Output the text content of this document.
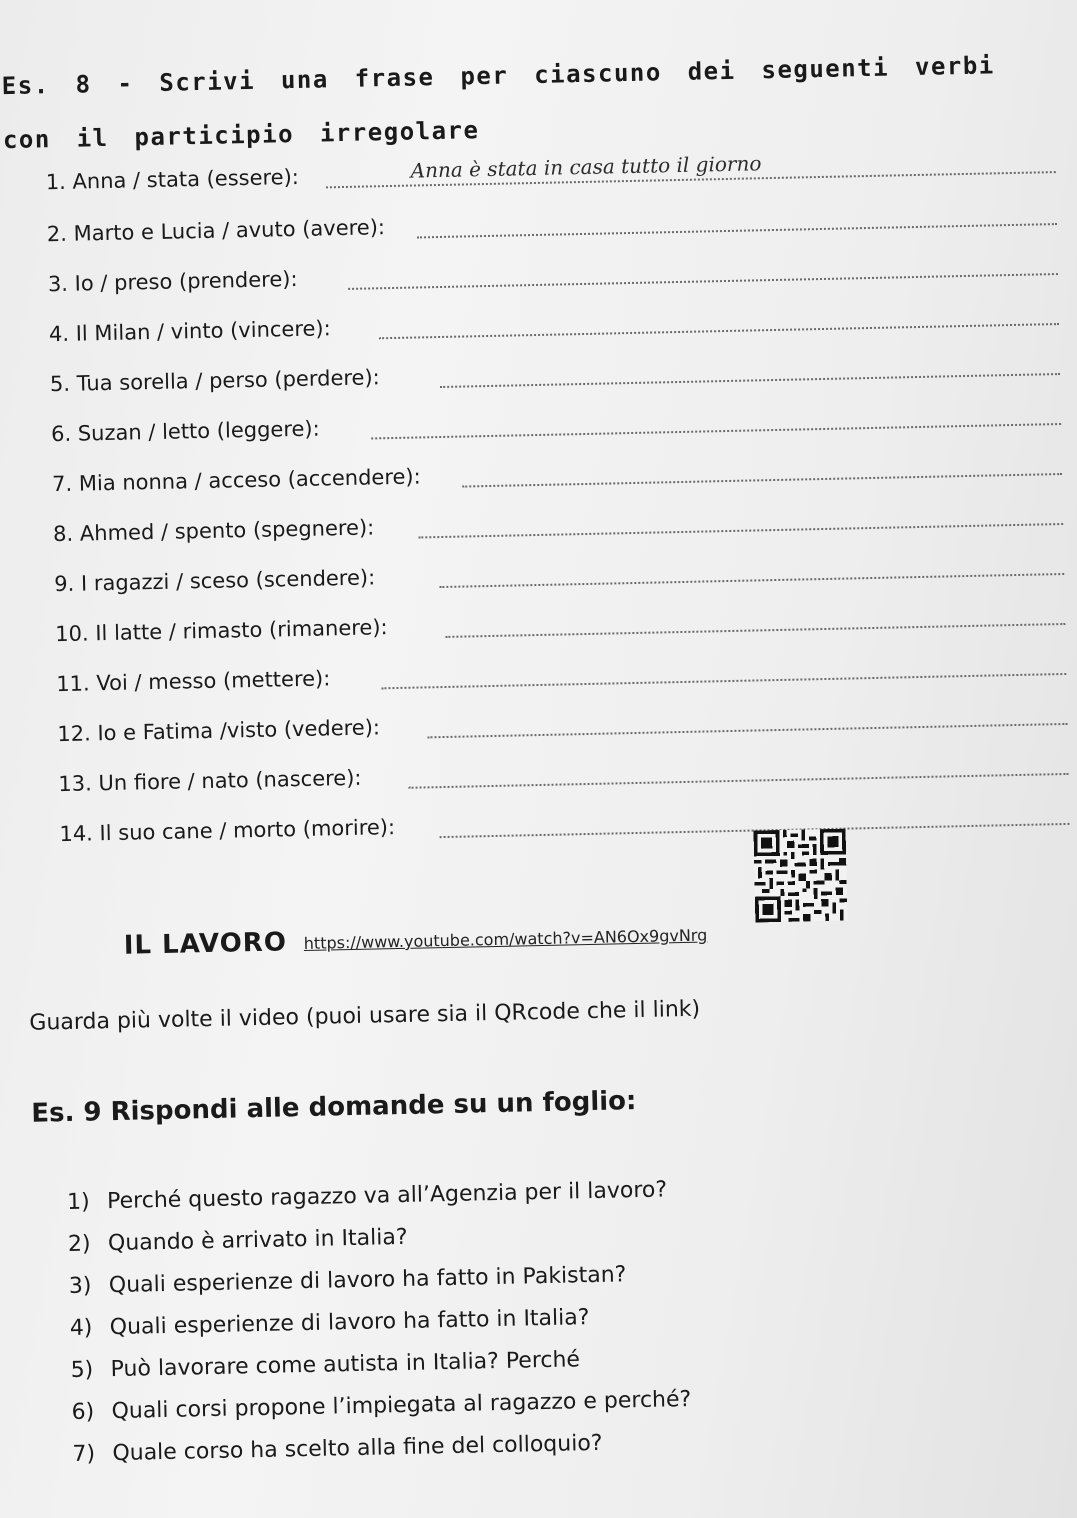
Es. 8 - Scrivi una frase per ciascuno dei seguenti verbi con il participio irregolare
1. Anna / stata (essere):	Anna è stata in casa tutto il giorno
2. Marto e Lucia / avuto (avere):
3. Io / preso (prendere):
4. Il Milan / vinto (vincere):
5. Tua sorella / perso (perdere):
6. Suzan / letto (leggere):
7. Mia nonna / acceso (accendere):
8. Ahmed / spento (spegnere):
9. I ragazzi / sceso (scendere):
10. Il latte / rimasto (rimanere):
11. Voi / messo (mettere):
12. Io e Fatima /visto (vedere):
13. Un fiore / nato (nascere):
14. Il suo cane / morto (morire):
IL LAVORO https://www.youtube.com/watch?v=AN6Ox9gvNrg
Guarda più volte il video (puoi usare sia il QRcode che il link)
Es. 9 Rispondi alle domande su un foglio:
1) Perché questo ragazzo va all’Agenzia per il lavoro?
2) Quando è arrivato in Italia?
3) Quali esperienze di lavoro ha fatto in Pakistan?
4) Quali esperienze di lavoro ha fatto in Italia?
5) Può lavorare come autista in Italia? Perché
6) Quali corsi propone l’impiegata al ragazzo e perché?
7) Quale corso ha scelto alla fine del colloquio?
